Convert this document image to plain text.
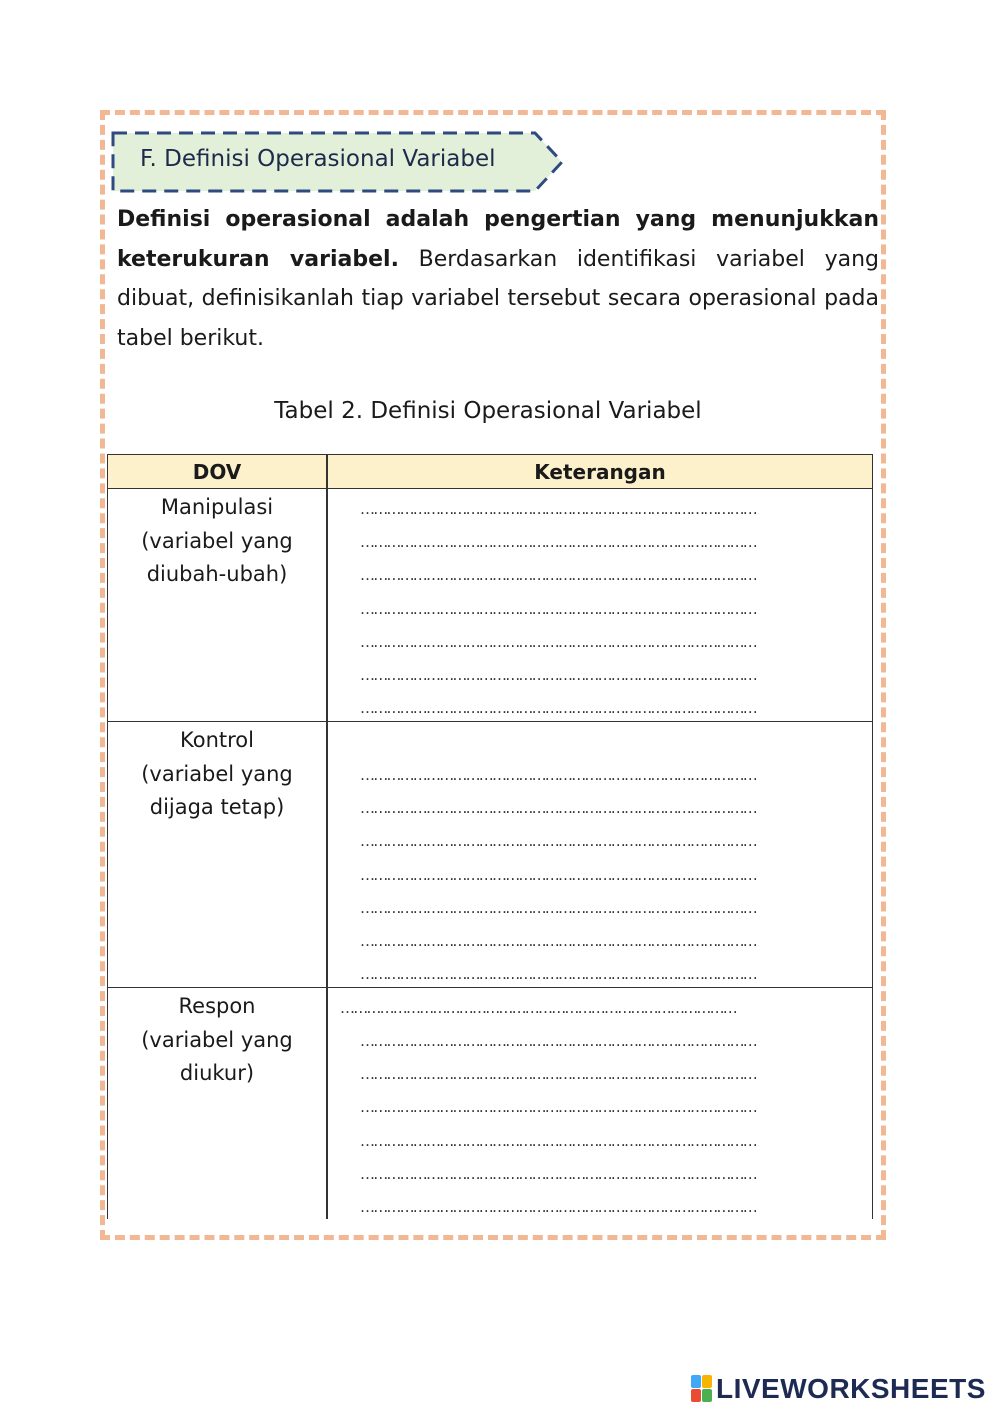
F. Definisi Operasional Variabel
Definisi operasional adalah pengertian yang menunjukkan keterukuran variabel. Berdasarkan identifikasi variabel yang dibuat, definisikanlah tiap variabel tersebut secara operasional pada tabel berikut.
Tabel 2. Definisi Operasional Variabel
DOV	Keterangan
Manipulasi
(variabel yang
diubah-ubah)
………………………………………………………………………………
………………………………………………………………………………
………………………………………………………………………………
………………………………………………………………………………
………………………………………………………………………………
………………………………………………………………………………
………………………………………………………………………………
Kontrol
(variabel yang
dijaga tetap)
………………………………………………………………………………
………………………………………………………………………………
………………………………………………………………………………
………………………………………………………………………………
………………………………………………………………………………
………………………………………………………………………………
………………………………………………………………………………
Respon
(variabel yang
diukur)
………………………………………………………………………………
………………………………………………………………………………
………………………………………………………………………………
………………………………………………………………………………
………………………………………………………………………………
………………………………………………………………………………
………………………………………………………………………………
LIVEWORKSHEETS
